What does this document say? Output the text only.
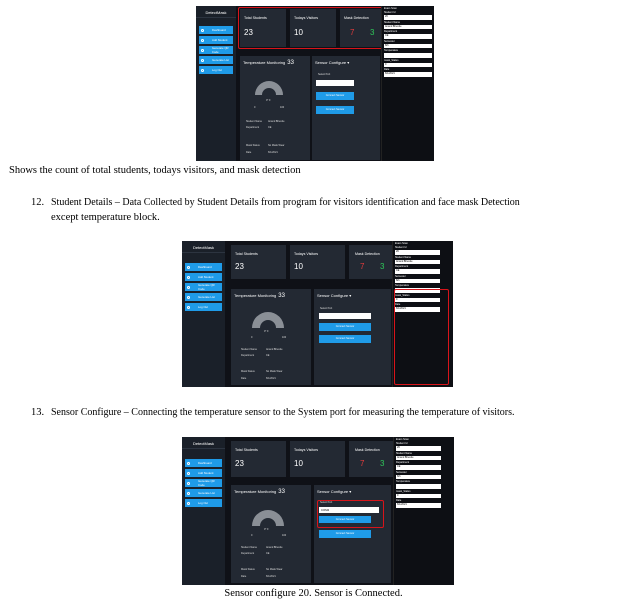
DetectMask
Dashboard
Add Student
Generate QR Code
Generate List
Log Out
Total Students
23
Todays Visitors
10
Mask Detection
7 3
Temperature Monitoring 33
0° F
0	100
Student Name Anand Bhende
Department	CE
Mask Status	No Mask Wear
Date	6/1/2021
Sensor Configure ▾
Select Port
Connect Sensor
Connect Sensor
Exam Scan
Student Id
26
Student Name
Anand Bhende
Department
CE
Semester
6th
Temperature
mask_Status
0
Date
6/1/2021
Shows the count of total students, todays visitors, and mask detection
12. Student Details – Data Collected by Student Details from program for visitors identification and face mask Detection
except temperature block.
DetectMask
Dashboard
Add Student
Generate QR Code
Generate List
Log Out
Total Students
23
Todays Visitors
10
Mask Detection
7 3
Temperature Monitoring 33
0° F
0	100
Student Name	Anand Bhende
Department	CE
Mask Status	No Mask Wear
Date	6/1/2021
Sensor Configure ▾
Select Port
Connect Sensor
Connect Sensor
Exam Scan
Student Id
26
Student Name
Anand Bhende
Department
CE
Semester
6th
Temperature
mask_Status
0
Date
6/1/2021
13. Sensor Configure – Connecting the temperature sensor to the System port for measuring the temperature of visitors.
DetectMask
Dashboard
Add Student
Generate QR Code
Generate List
Log Out
Total Students
23
Todays Visitors
10
Mask Detection
7 3
Temperature Monitoring 33
0° F
0	100
Student Name	Anand Bhende
Department	CE
Mask Status	No Mask Wear
Date	6/1/2021
Sensor Configure ▾
Select Port
COM4
Connect Sensor
Connect Sensor
Exam Scan
Student Id
26
Student Name
Anand Bhende
Department
CE
Semester
6th
Temperature
mask_Status
0
Date
6/1/2021
Sensor configure 20. Sensor is Connected.
